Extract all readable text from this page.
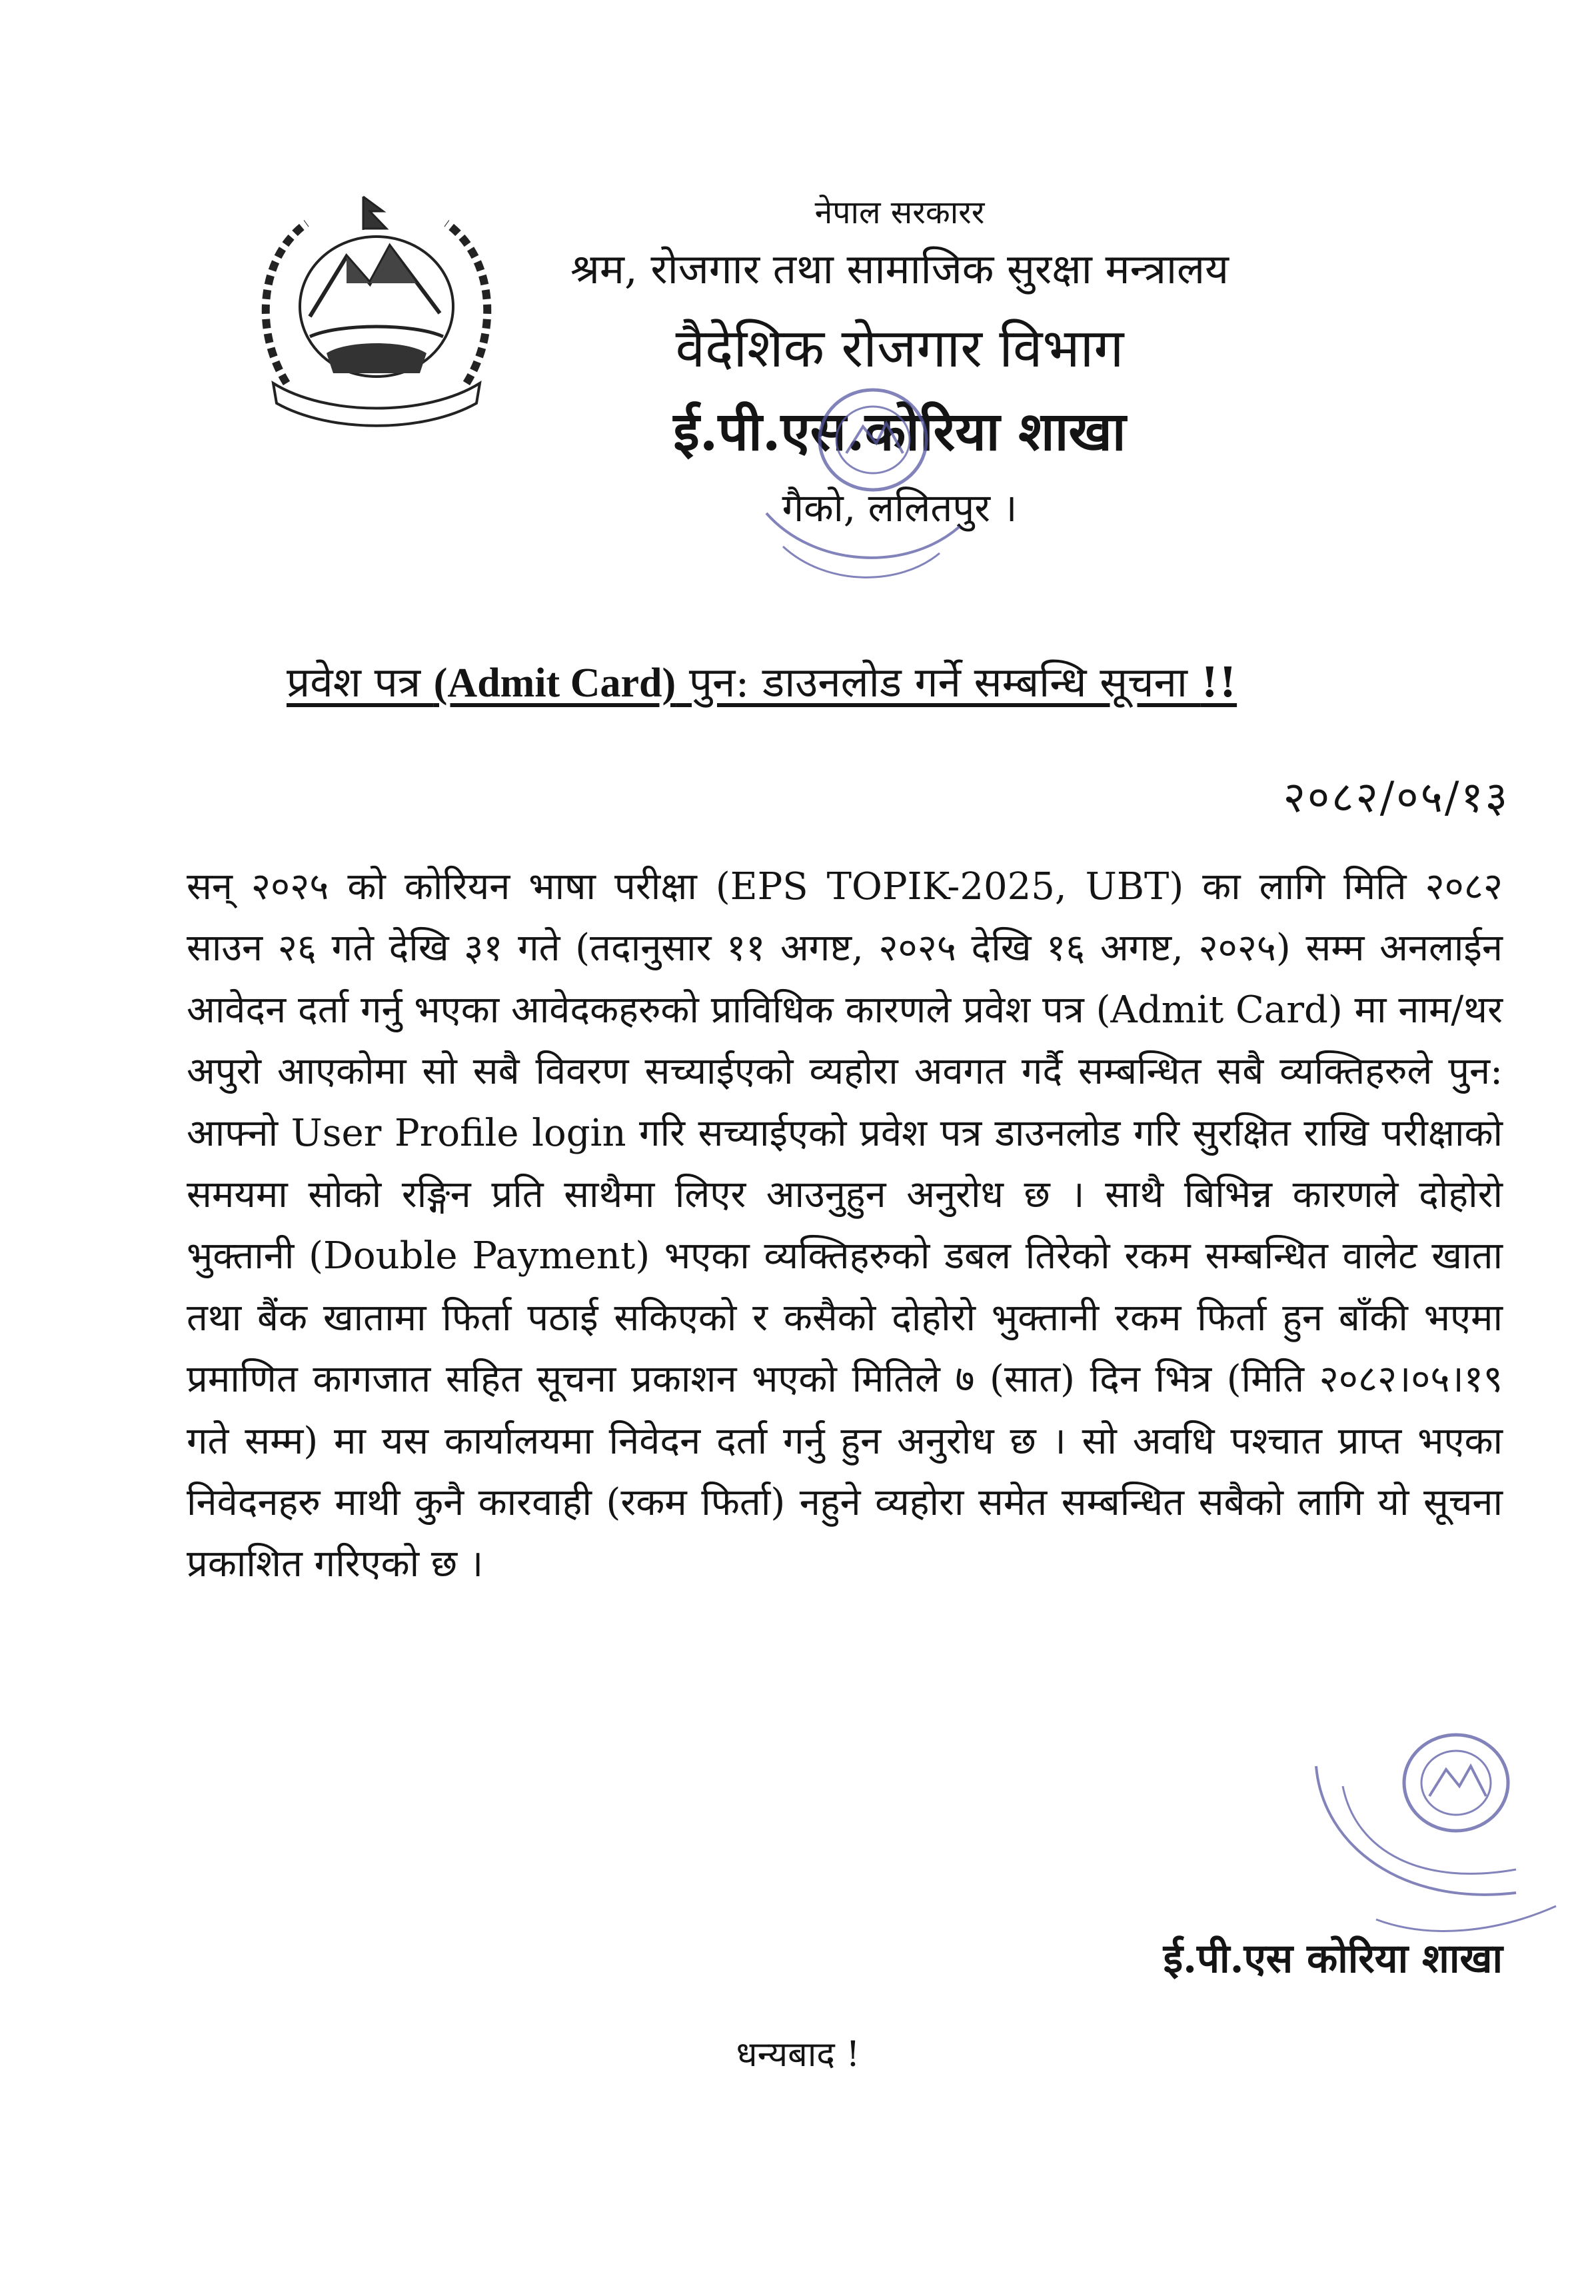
नेपाल सरकारर
श्रम, रोजगार तथा सामाजिक सुरक्षा मन्त्रालय
वैदेशिक रोजगार विभाग
ई.पी.एस.कोरिया शाखा
गैको, ललितपुर ।
प्रवेश पत्र (Admit Card) पुन: डाउनलोड गर्ने सम्बन्धि सूचना !!
२०८२/०५/१३

सन् २०२५ को कोरियन भाषा परीक्षा (EPS TOPIK-2025, UBT) का लागि मिति २०८२ साउन २६ गते देखि ३१ गते (तदानुसार ११ अगष्ट, २०२५ देखि १६ अगष्ट, २०२५) सम्म अनलाईन आवेदन दर्ता गर्नु भएका आवेदकहरुको प्राविधिक कारणले प्रवेश पत्र (Admit Card) मा नाम/थर अपुरो आएकोमा सो सबै विवरण सच्याईएको व्यहोरा अवगत गर्दै सम्बन्धित सबै व्यक्तिहरुले पुन: आफ्नो User Profile login गरि सच्याईएको प्रवेश पत्र डाउनलोड गरि सुरक्षित राखि परीक्षाको समयमा सोको रङ्गिन प्रति साथैमा लिएर आउनुहुन अनुरोध छ । साथै बिभिन्न कारणले दोहोरो भुक्तानी (Double Payment) भएका व्यक्तिहरुको डबल तिरेको रकम सम्बन्धित वालेट खाता तथा बैंक खातामा फिर्ता पठाई सकिएको र कसैको दोहोरो भुक्तानी रकम फिर्ता हुन बाँकी भएमा प्रमाणित कागजात सहित सूचना प्रकाशन भएको मितिले ७ (सात) दिन भित्र (मिति २०८२।०५।१९ गते सम्म) मा यस कार्यालयमा निवेदन दर्ता गर्नु हुन अनुरोध छ । सो अवधि पश्चात प्राप्त भएका निवेदनहरु माथी कुनै कारवाही (रकम फिर्ता) नहुने व्यहोरा समेत सम्बन्धित सबैको लागि यो सूचना प्रकाशित गरिएको छ ।

ई.पी.एस कोरिया शाखा
धन्यबाद !
